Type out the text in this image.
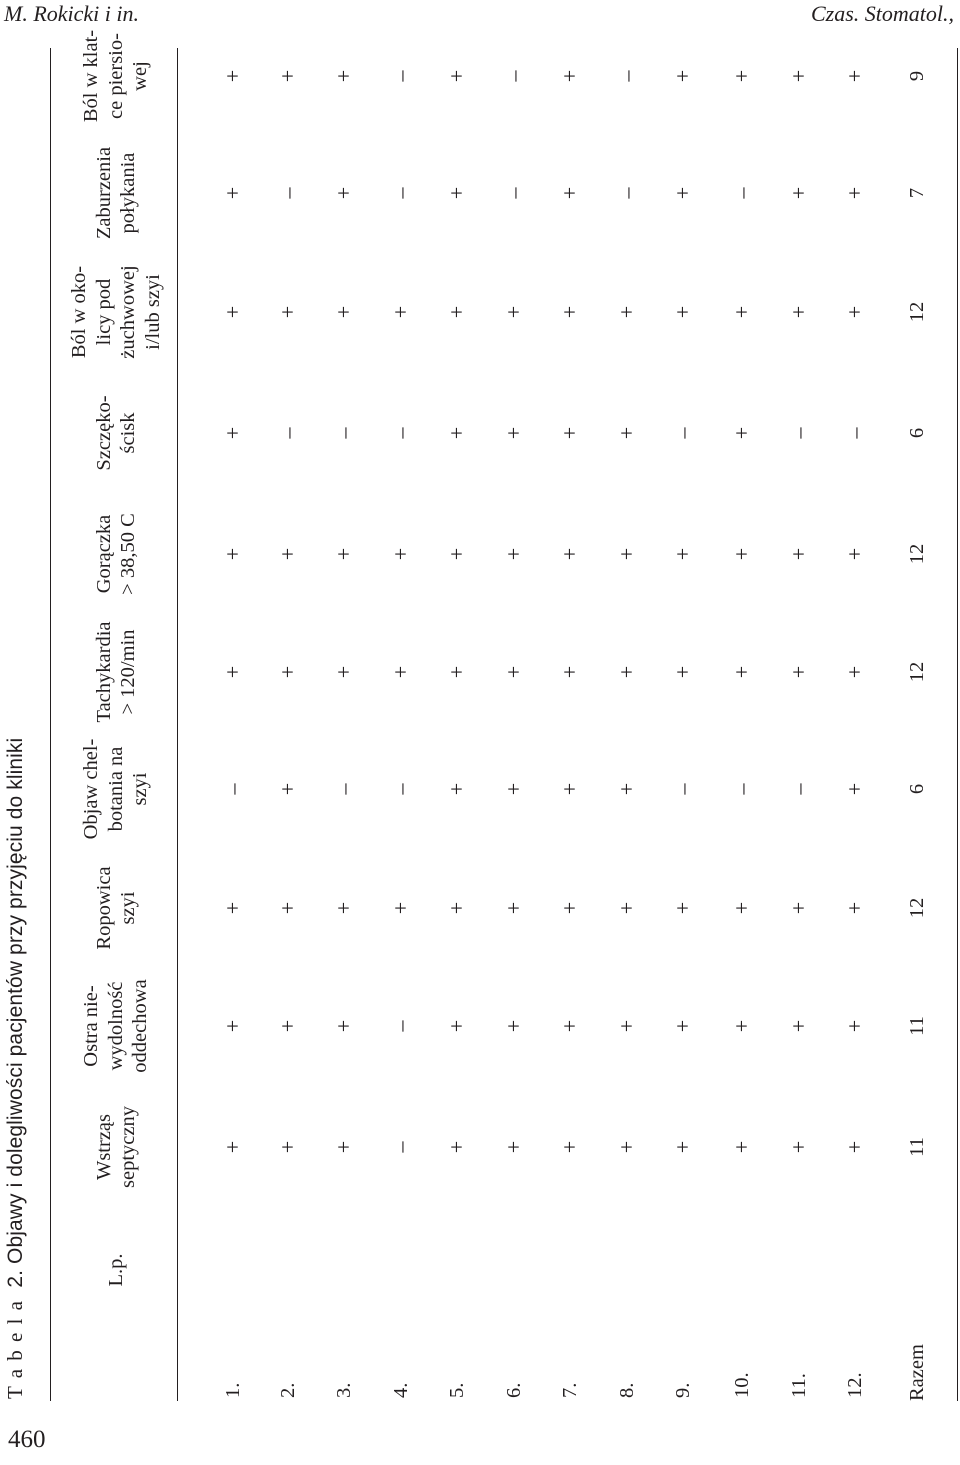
M. Rokicki i in.	Czas. Stomatol.,
460
T a b e l a  2. Objawy i dolegliwości pacjentów przy przyjęciu do kliniki	L.p.
Wstrząs septyczny
Ostra nie-
wydolność
oddechowa
Ropowica
szyi
Objaw chel-
botania na
szyi
Tachykardia
> 120/min
Gorączka
> 38,50 C
Szczęko-
ścisk
Ból w oko-
licy pod
żuchwowej
i/lub szyi
Zaburzenia
połykania
Ból w klat-
ce piersio-
wej
1.
+
+
+
–
+
+
+
+
+
+
2.
+
+
+
+
+
+
–
+
–
+
3.
+
+
+
–
+
+
–
+
+
+
4.
–
–
+
–
+
+
–
+
–
–
5.
+
+
+
+
+
+
+
+
+
+
6.
+
+
+
+
+
+
+
+
–
–
7.
+
+
+
+
+
+
+
+
+
+
8.
+
+
+
+
+
+
+
+
–
–
9.
+
+
+
–
+
+
–
+
+
+
10.
+
+
+
–
+
+
+
+
–
+
11.
+
+
+
–
+
+
–
+
+
+
12.
+
+
+
+
+
+
–
+
+
+
Razem
11
11
12
6
12
12
6
12
7
9
